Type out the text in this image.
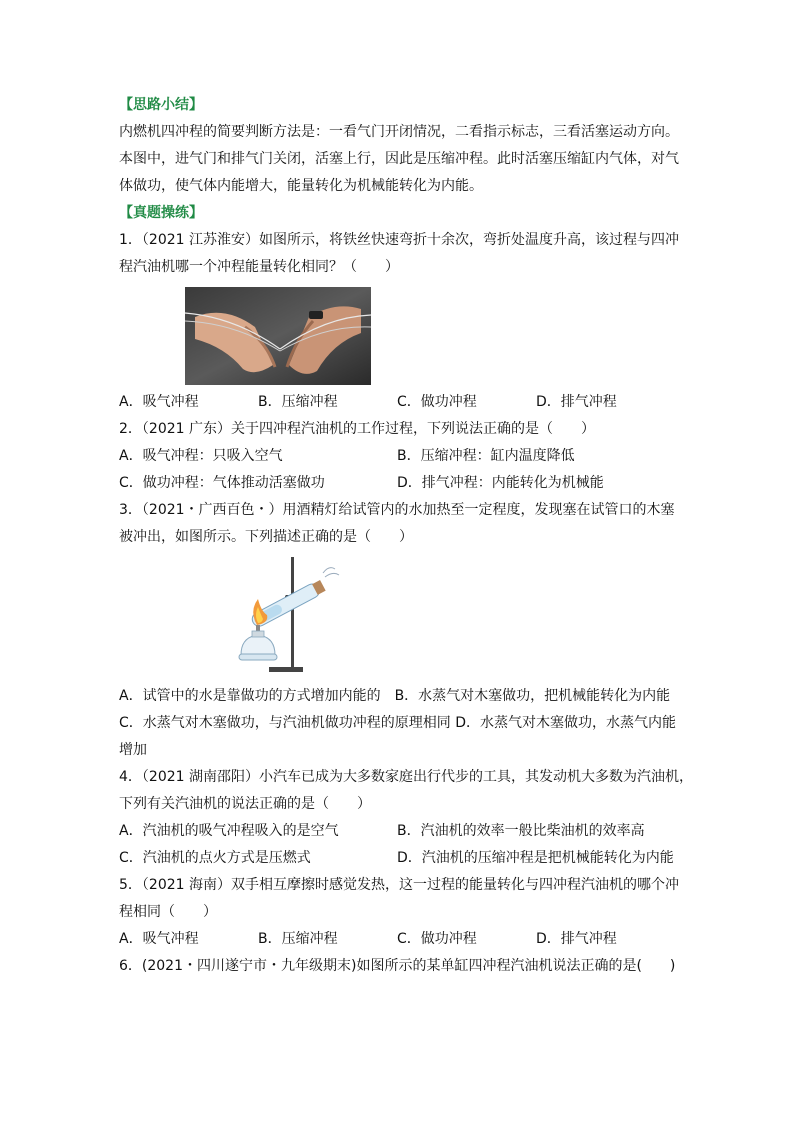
【思路小结】
内燃机四冲程的简要判断方法是：一看气门开闭情况，二看指示标志，三看活塞运动方向。
本图中，进气门和排气门关闭，活塞上行，因此是压缩冲程。此时活塞压缩缸内气体，对气
体做功，使气体内能增大，能量转化为机械能转化为内能。
【真题操练】
1．（2021 江苏淮安）如图所示，将铁丝快速弯折十余次，弯折处温度升高，该过程与四冲
程汽油机哪一个冲程能量转化相同？（　　）
A．吸气冲程	B．压缩冲程	C．做功冲程	D．排气冲程
2．（2021 广东）关于四冲程汽油机的工作过程，下列说法正确的是（　　）
A．吸气冲程：只吸入空气	B．压缩冲程：缸内温度降低
C．做功冲程：气体推动活塞做功	D．排气冲程：内能转化为机械能
3．（2021・广西百色・）用酒精灯给试管内的水加热至一定程度，发现塞在试管口的木塞
被冲出，如图所示。下列描述正确的是（　　）
A．试管中的水是靠做功的方式增加内能的　B．水蒸气对木塞做功，把机械能转化为内能
C．水蒸气对木塞做功，与汽油机做功冲程的原理相同 D．水蒸气对木塞做功，水蒸气内能
增加
4．（2021 湖南邵阳）小汽车已成为大多数家庭出行代步的工具，其发动机大多数为汽油机，
下列有关汽油机的说法正确的是（　　）
A．汽油机的吸气冲程吸入的是空气	B．汽油机的效率一般比柴油机的效率高
C．汽油机的点火方式是压燃式	D．汽油机的压缩冲程是把机械能转化为内能
5．（2021 海南）双手相互摩擦时感觉发热，这一过程的能量转化与四冲程汽油机的哪个冲
程相同（　　）
A．吸气冲程	B．压缩冲程	C．做功冲程	D．排气冲程
6．(2021・四川遂宁市・九年级期末)如图所示的某单缸四冲程汽油机说法正确的是(　　)
